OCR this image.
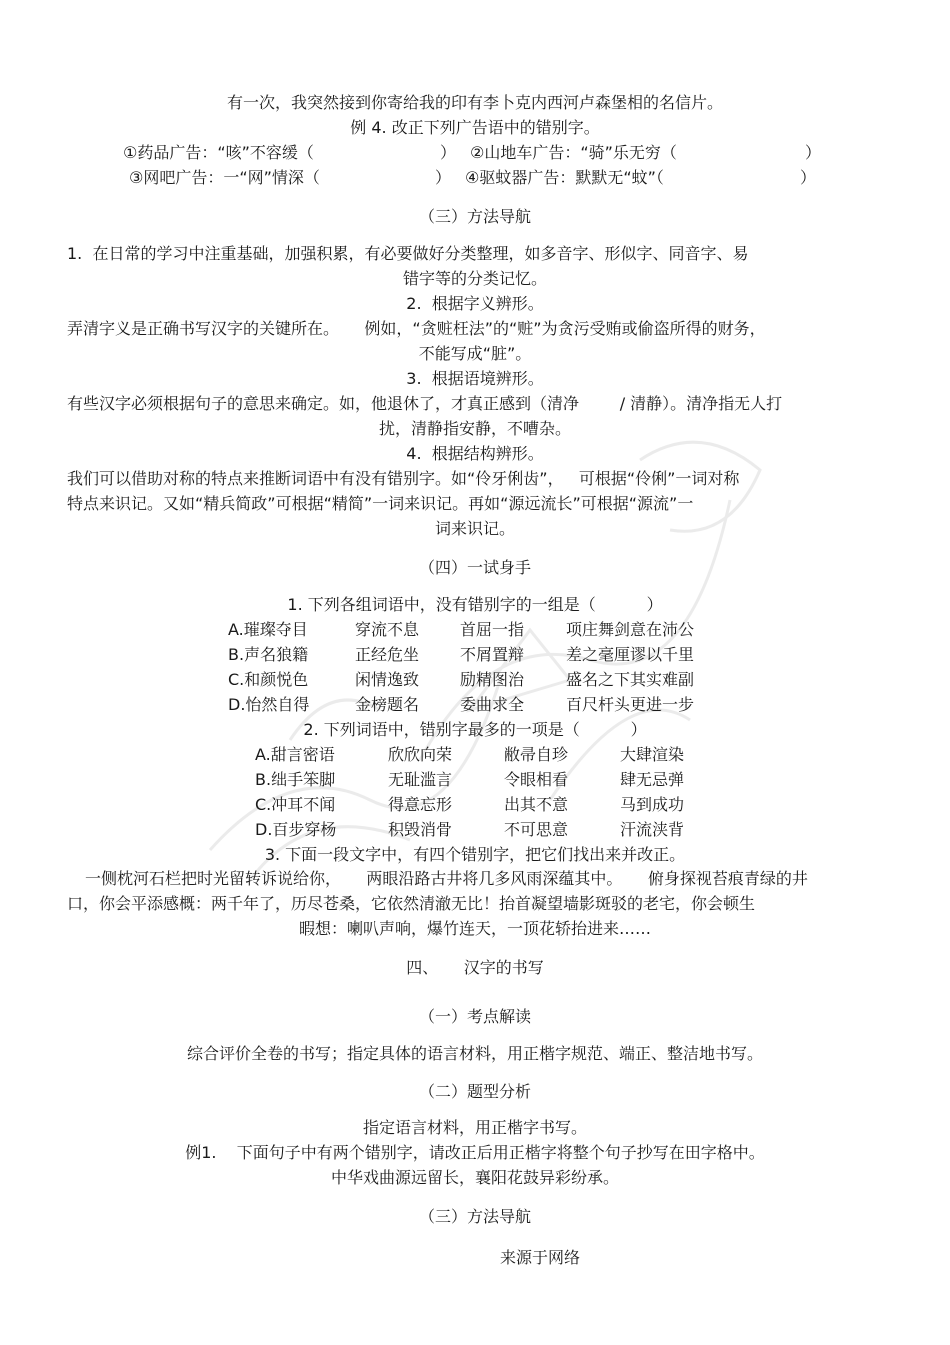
有一次，我突然接到你寄给我的印有李卜克内西河卢森堡相的名信片。
例 4. 改正下列广告语中的错别字。
①药品广告：“咳”不容缓（	） ②山地车广告：“骑”乐无穷（	）
③网吧广告：一“网”情深（	） ④驱蚊器广告：默默无“蚊”（	）
（三）方法导航
1.  在日常的学习中注重基础，加强积累，有必要做好分类整理，如多音字、形似字、同音字、易
错字等的分类记忆。
2.  根据字义辨形。
弄清字义是正确书写汉字的关键所在。     例如，“贪赃枉法”的“赃”为贪污受贿或偷盗所得的财务，
不能写成“脏”。
3.  根据语境辨形。
有些汉字必须根据句子的意思来确定。如，他退休了，才真正感到（清净        / 清静）。清净指无人打
扰，清静指安静，不嘈杂。
4.  根据结构辨形。
我们可以借助对称的特点来推断词语中有没有错别字。如“伶牙俐齿”，   可根据“伶俐”一词对称
特点来识记。又如“精兵简政”可根据“精简”一词来识记。再如“源远流长”可根据“源流”一
词来识记。
（四）一试身手
1. 下列各组词语中，没有错别字的一组是（          ）
A.璀璨夺目	穿流不息	首屈一指	项庄舞剑意在沛公
B.声名狼籍	正经危坐	不屑置辩	差之毫厘谬以千里
C.和颜悦色	闲情逸致	励精图治	盛名之下其实难副
D.怡然自得	金榜题名	委曲求全	百尺杆头更进一步
2. 下列词语中，错别字最多的一项是（          ）
A.甜言密语	欣欣向荣	敝帚自珍	大肆渲染
B.绌手笨脚	无耻滥言	令眼相看	肆无忌弹
C.冲耳不闻	得意忘形	出其不意	马到成功
D.百步穿杨	积毁消骨	不可思意	汗流浃背
3. 下面一段文字中，有四个错别字，把它们找出来并改正。
一侧枕河石栏把时光留转诉说给你，     两眼沿路古井将几多风雨深蕴其中。     俯身探视苔痕青绿的井
口，你会平添感概：两千年了，历尽苍桑，它依然清澈无比！抬首凝望墙影斑驳的老宅，你会顿生
暇想：喇叭声响，爆竹连天，一顶花轿抬进来……
四、     汉字的书写
（一）考点解读
综合评价全卷的书写；指定具体的语言材料，用正楷字规范、端正、整洁地书写。
（二）题型分析
指定语言材料，用正楷字书写。
例1.    下面句子中有两个错别字，请改正后用正楷字将整个句子抄写在田字格中。
中华戏曲源远留长，襄阳花鼓异彩纷承。
（三）方法导航
来源于网络
